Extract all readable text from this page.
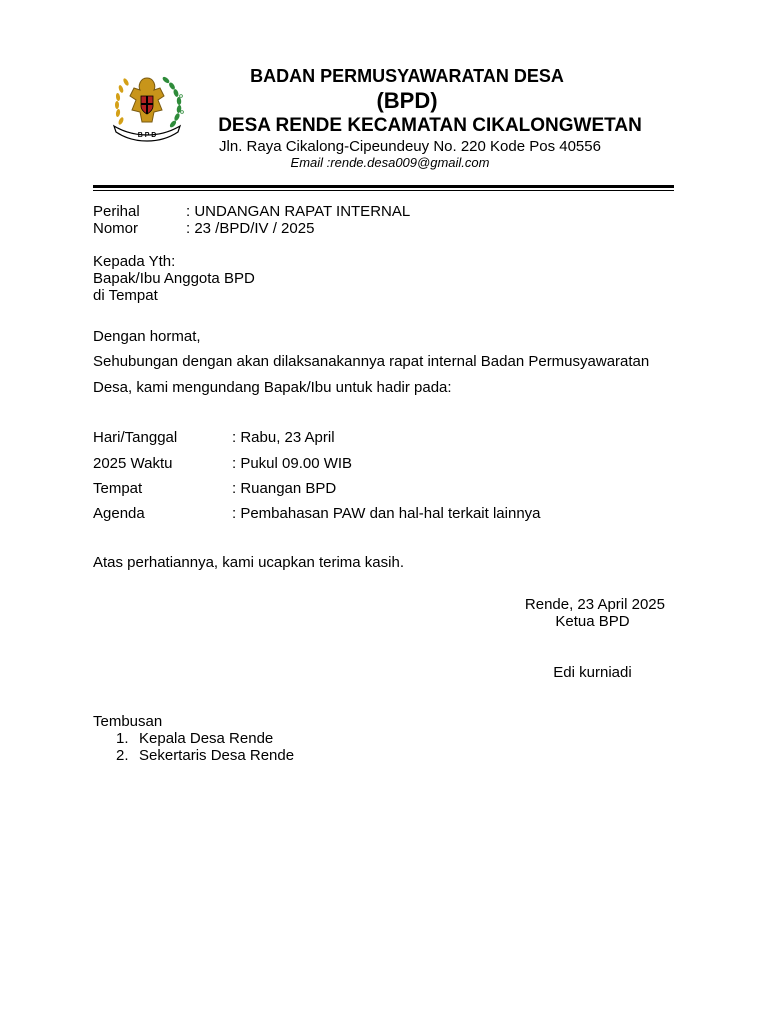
B P D
BADAN PERMUSYAWARATAN DESA
(BPD)
DESA RENDE KECAMATAN CIKALONGWETAN
Jln. Raya Cikalong-Cipeundeuy No. 220 Kode Pos 40556
Email :rende.desa009@gmail.com
Perihal	: UNDANGAN RAPAT INTERNAL
Nomor	: 23 /BPD/IV / 2025
Kepada Yth:
Bapak/Ibu Anggota BPD
di Tempat
Dengan hormat,
Sehubungan dengan akan dilaksanakannya rapat internal Badan Permusyawaratan
Desa, kami mengundang Bapak/Ibu untuk hadir pada:
Hari/Tanggal	: Rabu, 23 April
2025 Waktu	: Pukul 09.00 WIB
Tempat	: Ruangan BPD
Agenda	: Pembahasan PAW dan hal-hal terkait lainnya
Atas perhatiannya, kami ucapkan terima kasih.
Rende, 23 April 2025
Ketua BPD
Edi kurniadi
Tembusan
1. Kepala Desa Rende
2. Sekertaris Desa Rende
